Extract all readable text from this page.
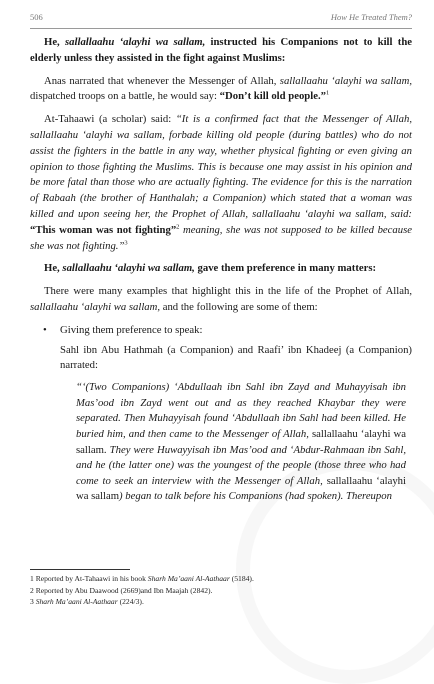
506	How He Treated Them?

He, sallallaahu ‘alayhi wa sallam, instructed his Companions not to kill the elderly unless they assisted in the fight against Muslims:

Anas narrated that whenever the Messenger of Allah, sallallaahu ‘alayhi wa sallam, dispatched troops on a battle, he would say: “Don’t kill old people.”$^1$

At-Tahaawi (a scholar) said: “It is a confirmed fact that the Messenger of Allah, sallallaahu ‘alayhi wa sallam, forbade killing old people (during battles) who do not assist the fighters in the battle in any way, whether physical fighting or even giving an opinion to those fighting the Muslims. This is because one may assist in his opinion and be more fatal than those who are actually fighting. The evidence for this is the narration of Rabaah (the brother of Hanthalah; a Companion) which stated that a woman was killed and upon seeing her, the Prophet of Allah, sallallaahu ‘alayhi wa sallam, said: “This woman was not fighting”$^2$ meaning, she was not supposed to be killed because she was not fighting.”$^3$

He, sallallaahu ‘alayhi wa sallam, gave them preference in many matters:

There were many examples that highlight this in the life of the Prophet of Allah, sallallaahu ‘alayhi wa sallam, and the following are some of them:

• Giving them preference to speak:

Sahl ibn Abu Hathmah (a Companion) and Raafi’ ibn Khadeej (a Companion) narrated:

“‘(Two Companions) ‘Abdullaah ibn Sahl ibn Zayd and Muhayyisah ibn Mas’ood ibn Zayd went out and as they reached Khaybar they were separated. Then Muhayyisah found ‘Abdullaah ibn Sahl had been killed. He buried him, and then came to the Messenger of Allah, sallallaahu ‘alayhi wa sallam. They were Huwayyisah ibn Mas’ood and ‘Abdur-Rahmaan ibn Sahl, and he (the latter one) was the youngest of the people (those three who had come to seek an interview with the Messenger of Allah, sallallaahu ‘alayhi wa sallam) began to talk before his Companions (had spoken). Thereupon

1 Reported by At-Tahaawi in his book Sharh Ma’aani Al-Aathaar (5184).
2 Reported by Abu Daawood (2669)and Ibn Maajah (2842).
3 Sharh Ma’aani Al-Aathaar (224/3).
